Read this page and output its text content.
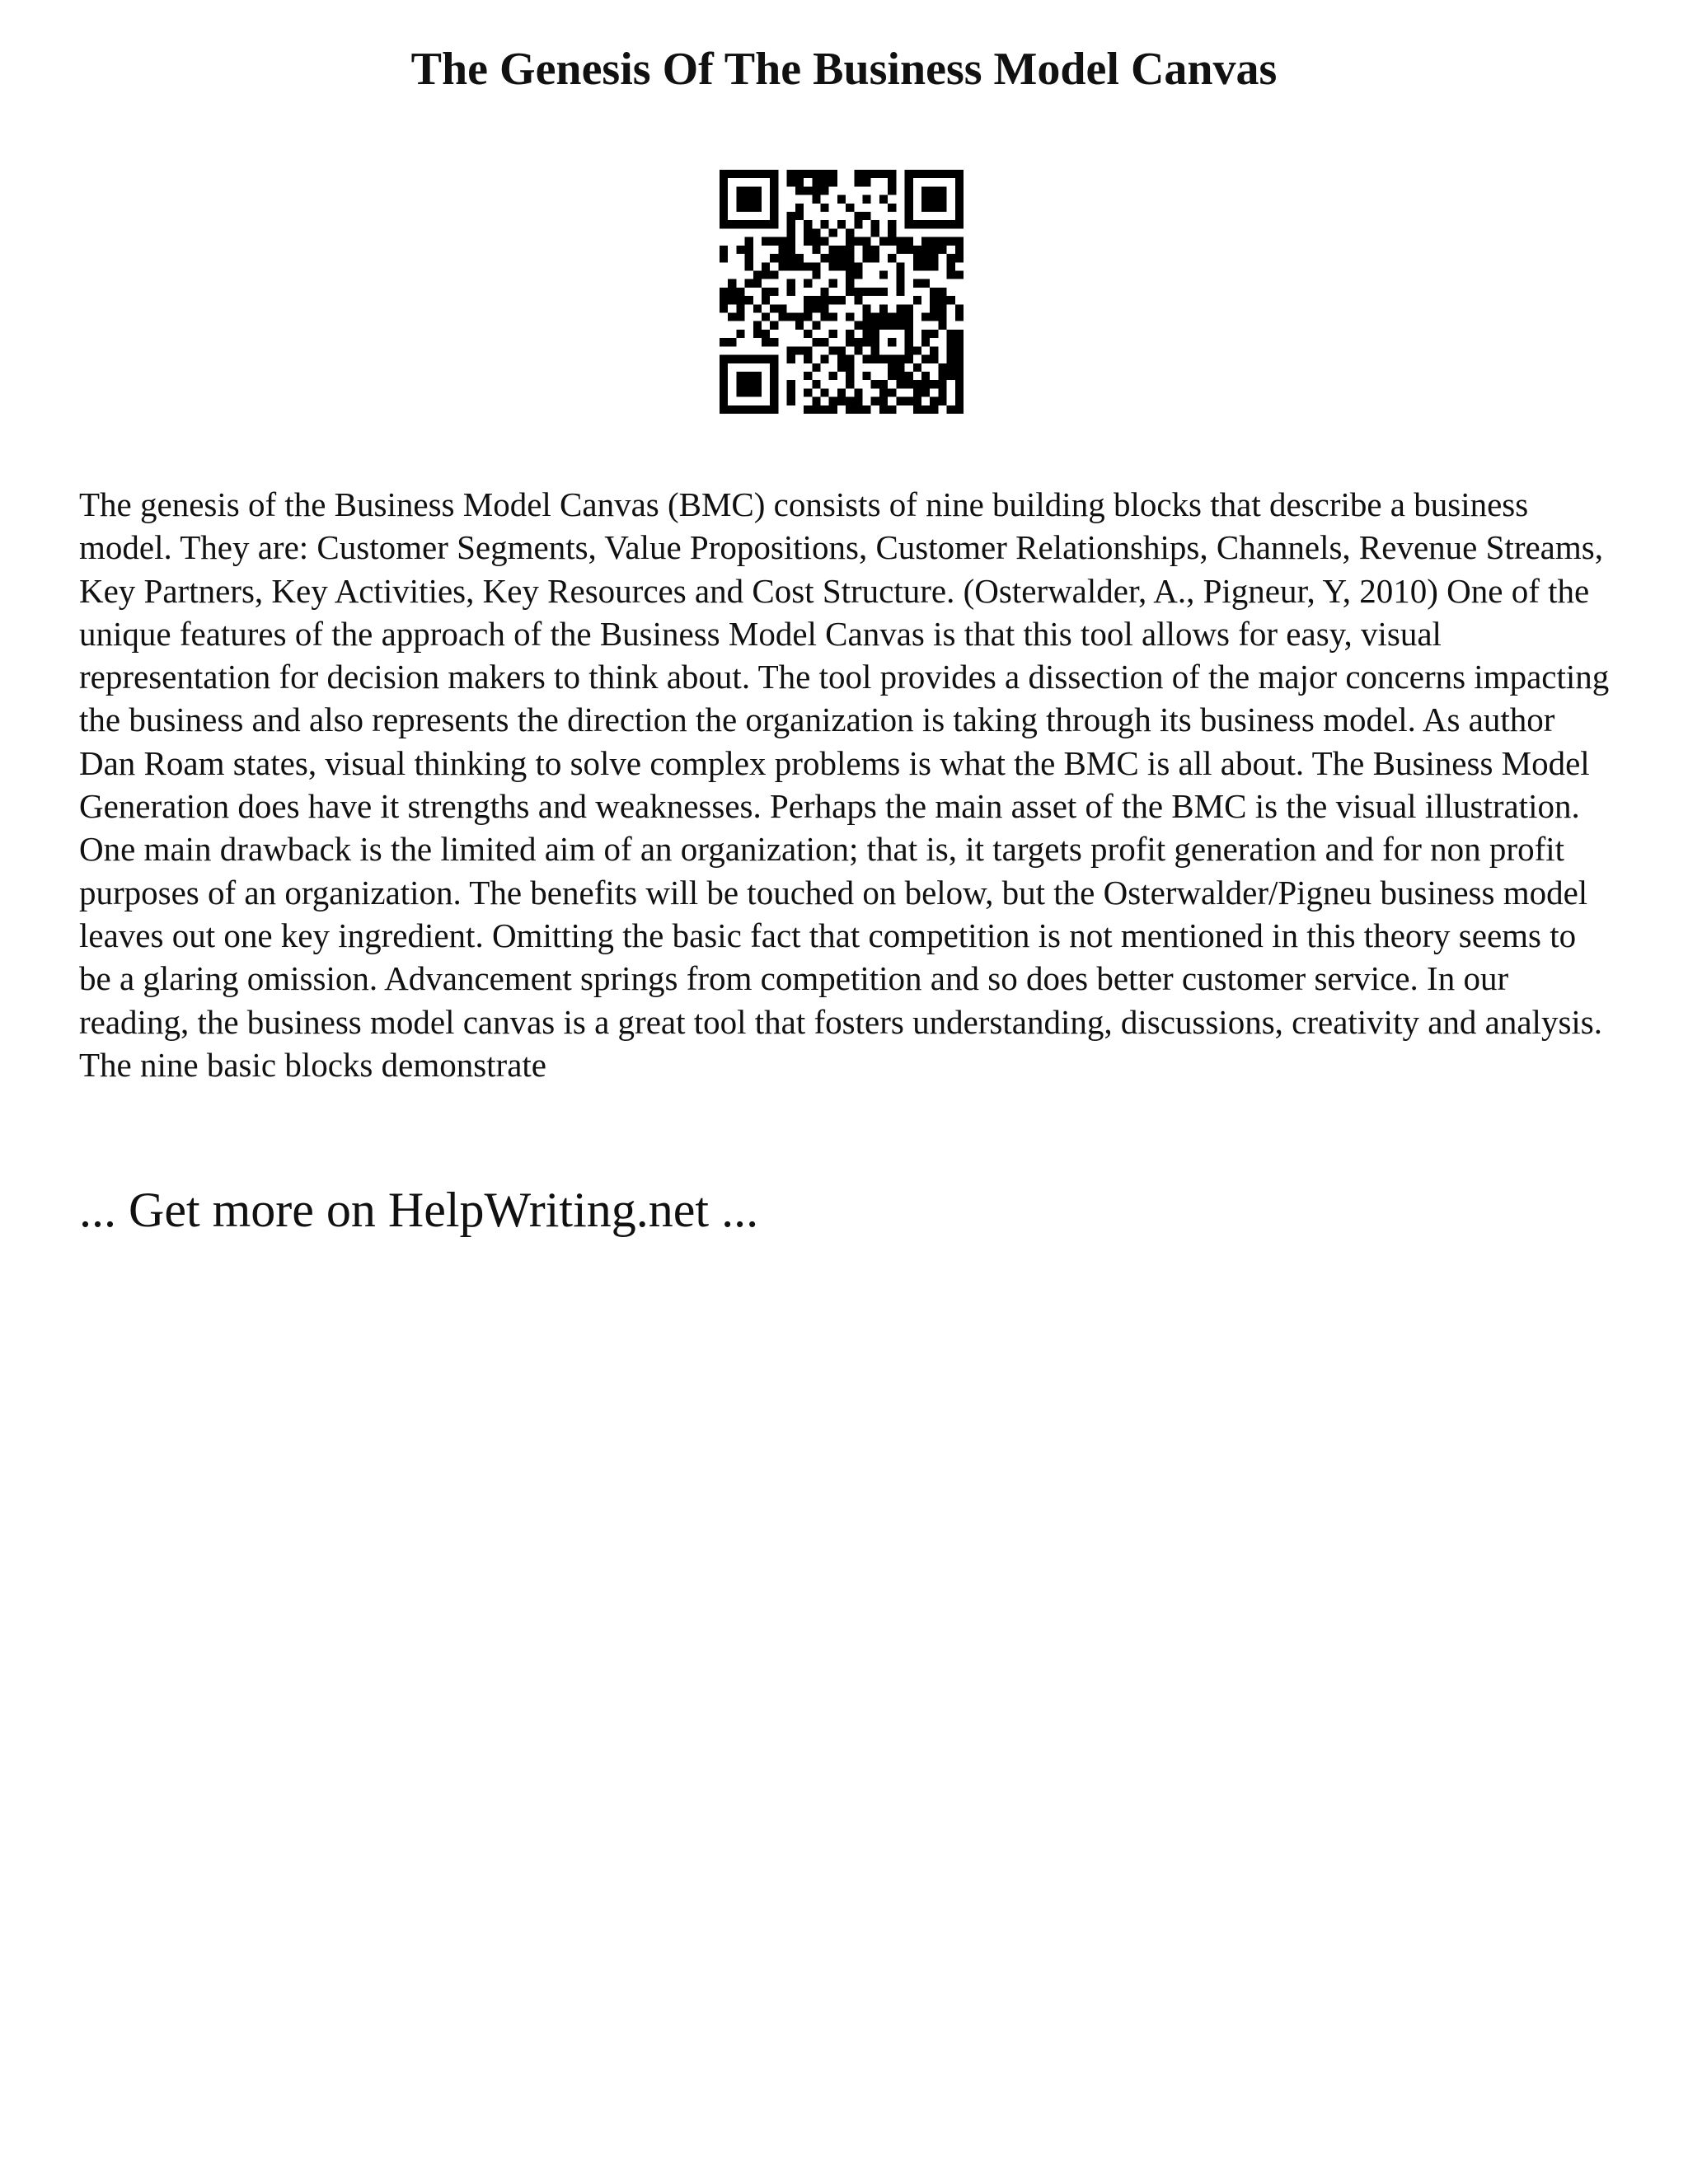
The Genesis Of The Business Model Canvas

The genesis of the Business Model Canvas (BMC) consists of nine building blocks that describe a business model. They are: Customer Segments, Value Propositions, Customer Relationships, Channels, Revenue Streams, Key Partners, Key Activities, Key Resources and Cost Structure. (Osterwalder, A., Pigneur, Y, 2010) One of the unique features of the approach of the Business Model Canvas is that this tool allows for easy, visual representation for decision makers to think about. The tool provides a dissection of the major concerns impacting the business and also represents the direction the organization is taking through its business model. As author Dan Roam states, visual thinking to solve complex problems is what the BMC is all about. The Business Model Generation does have it strengths and weaknesses. Perhaps the main asset of the BMC is the visual illustration. One main drawback is the limited aim of an organization; that is, it targets profit generation and for non profit purposes of an organization. The benefits will be touched on below, but the Osterwalder/Pigneu business model leaves out one key ingredient. Omitting the basic fact that competition is not mentioned in this theory seems to be a glaring omission. Advancement springs from competition and so does better customer service. In our reading, the business model canvas is a great tool that fosters understanding, discussions, creativity and analysis. The nine basic blocks demonstrate

... Get more on HelpWriting.net ...
